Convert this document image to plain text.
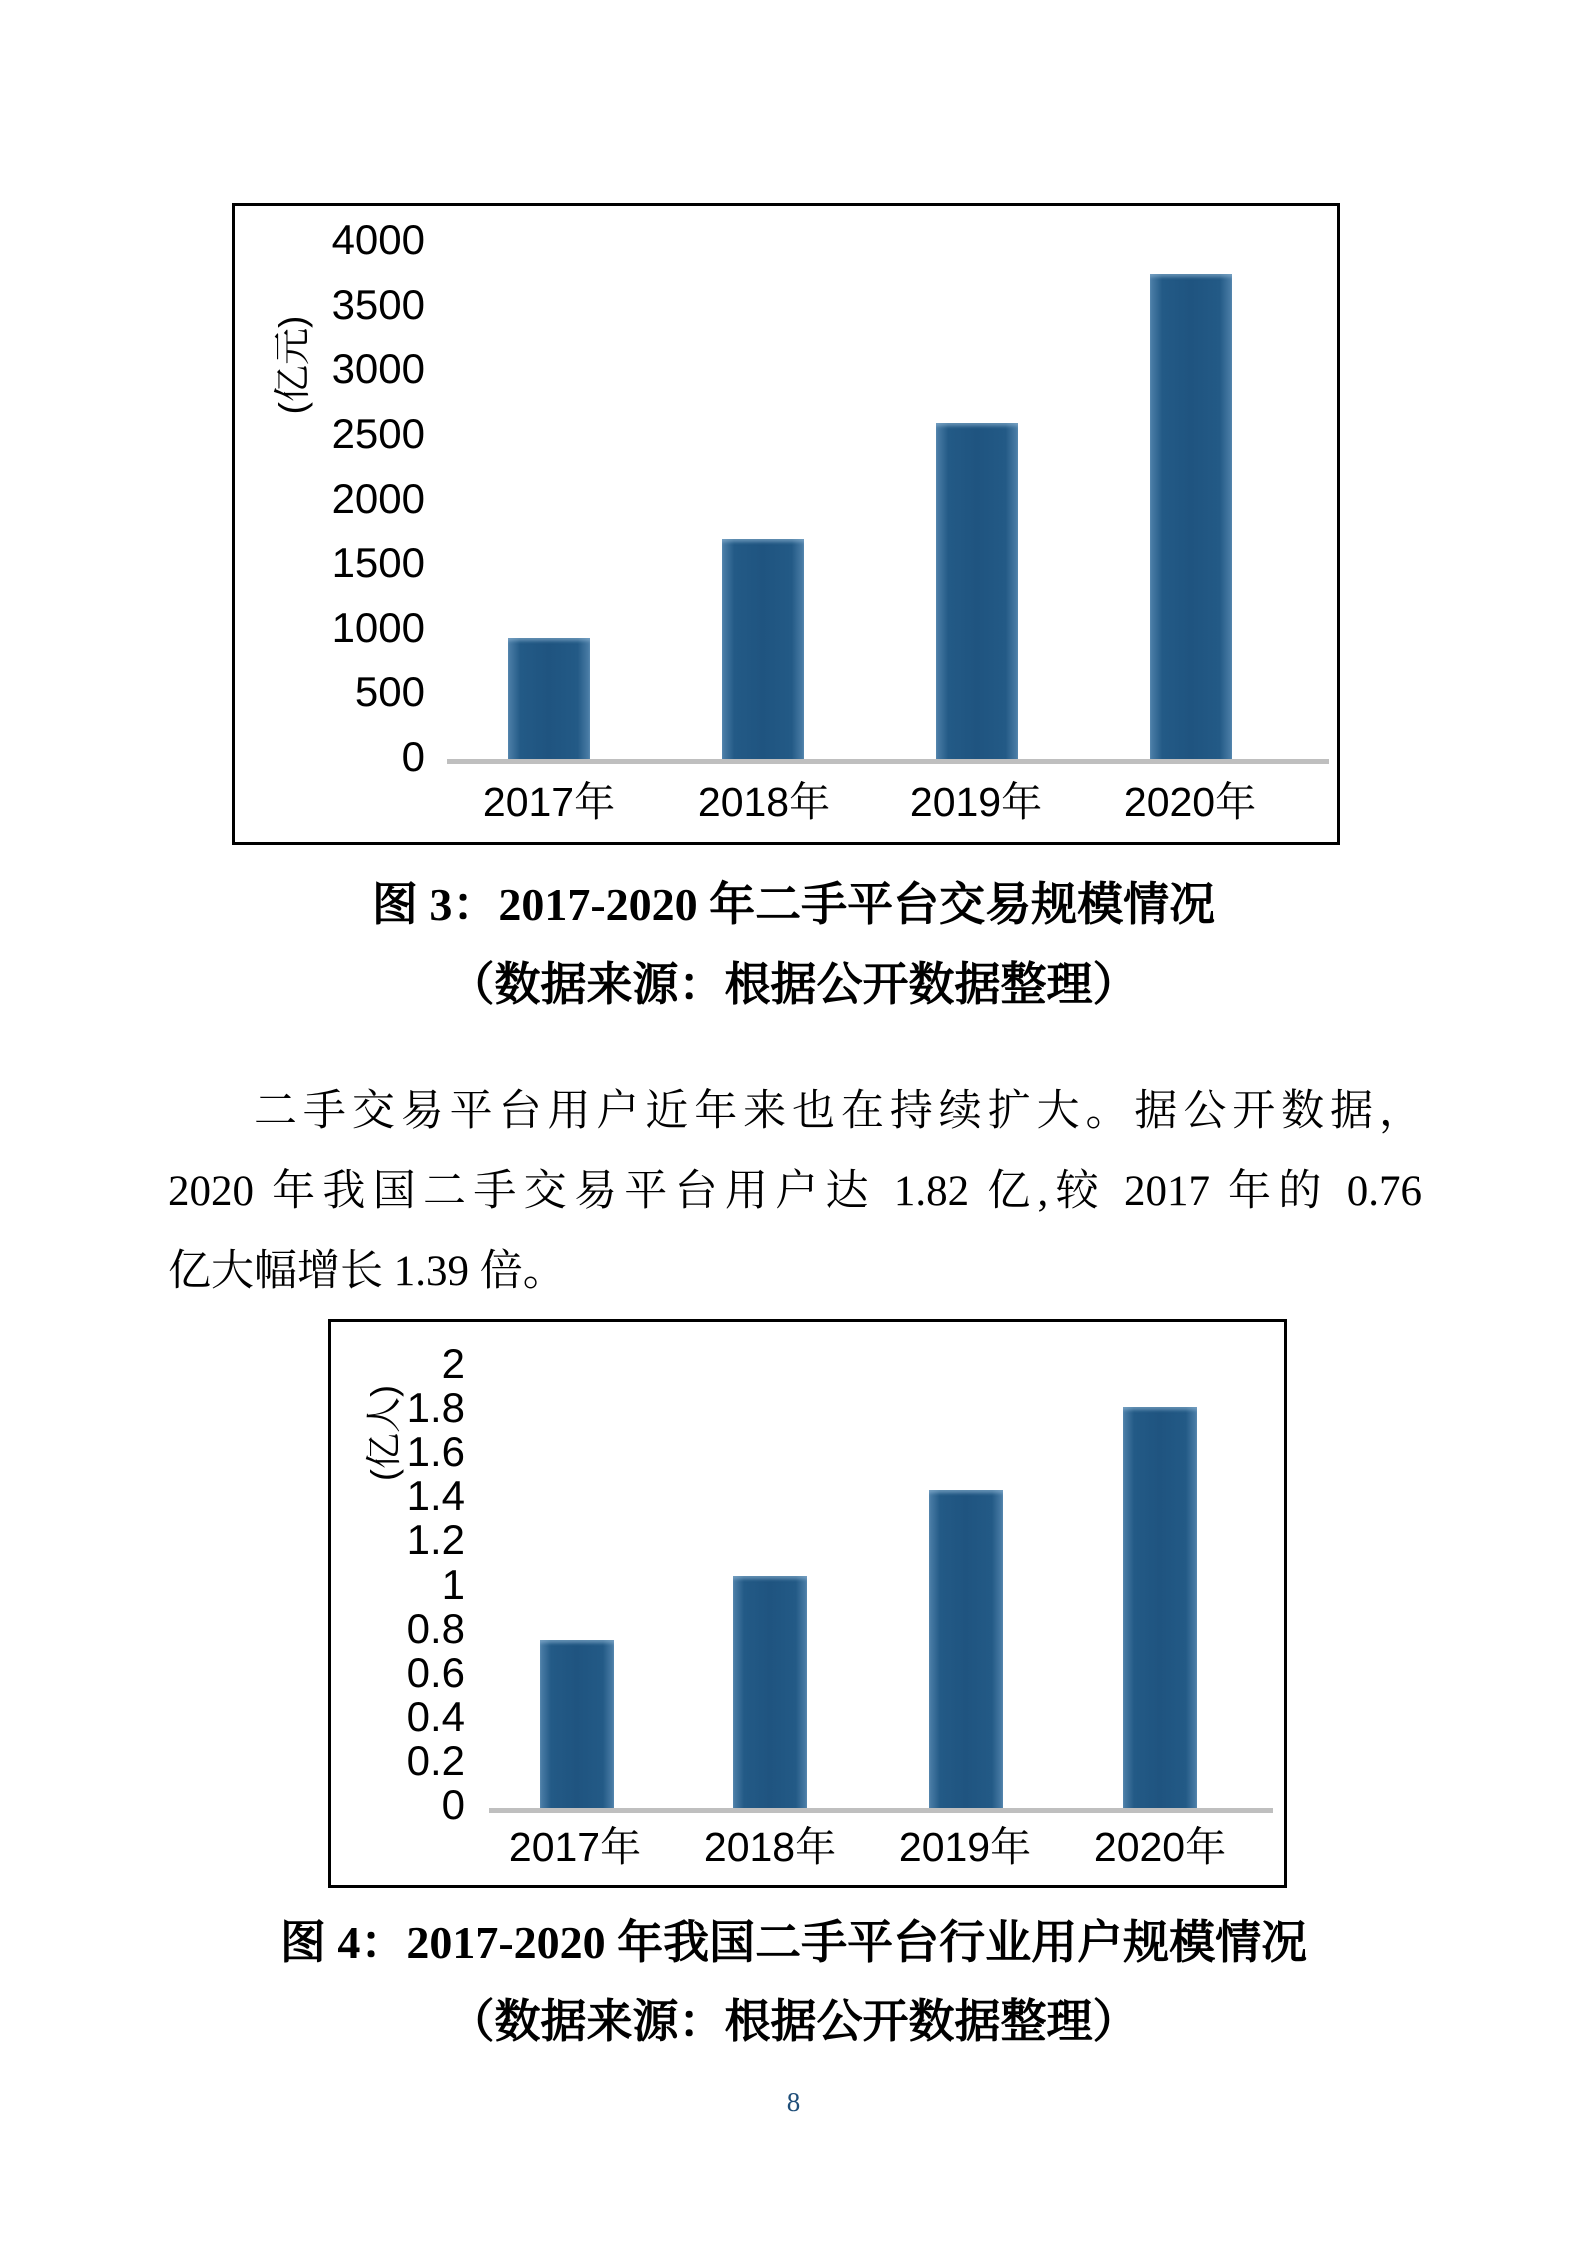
(亿元)
4000
3500
3000
2500
2000
1500
1000
500
0
2017年	2018年	2019年	2020年
图 3：2017-2020 年二手平台交易规模情况
（数据来源：根据公开数据整理）
二手交易平台用户近年来也在持续扩大。据公开数据，
2020 年我国二手交易平台用户达 1.82 亿,较 2017 年的 0.76
亿大幅增长 1.39 倍。
(亿人)
2
1.8
1.6
1.4
1.2
1
0.8
0.6
0.4
0.2
0
2017年	2018年	2019年	2020年
图 4：2017-2020 年我国二手平台行业用户规模情况
（数据来源：根据公开数据整理）
8
